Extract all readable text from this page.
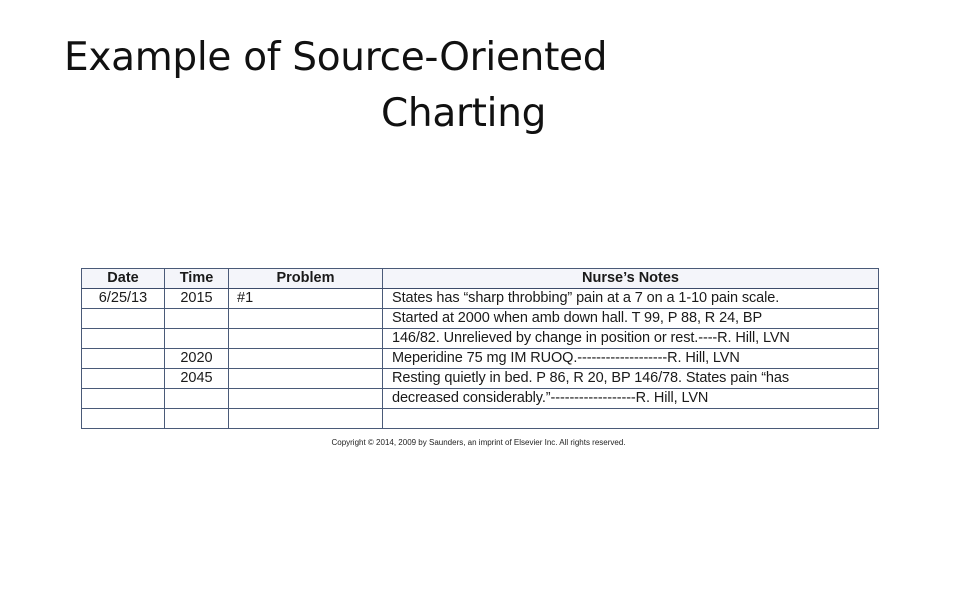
Example of Source-Oriented
Charting
Date	Time	Problem	Nurse’s Notes
6/25/13	2015	#1	States has “sharp throbbing” pain at a 7 on a 1-10 pain scale.
			Started at 2000 when amb down hall. T 99, P 88, R 24, BP
			146/82. Unrelieved by change in position or rest.----R. Hill, LVN
	2020		Meperidine 75 mg IM RUOQ.-------------------R. Hill, LVN
	2045		Resting quietly in bed. P 86, R 20, BP 146/78. States pain “has
			decreased considerably.”------------------R. Hill, LVN

Copyright © 2014, 2009 by Saunders, an imprint of Elsevier Inc. All rights reserved.
